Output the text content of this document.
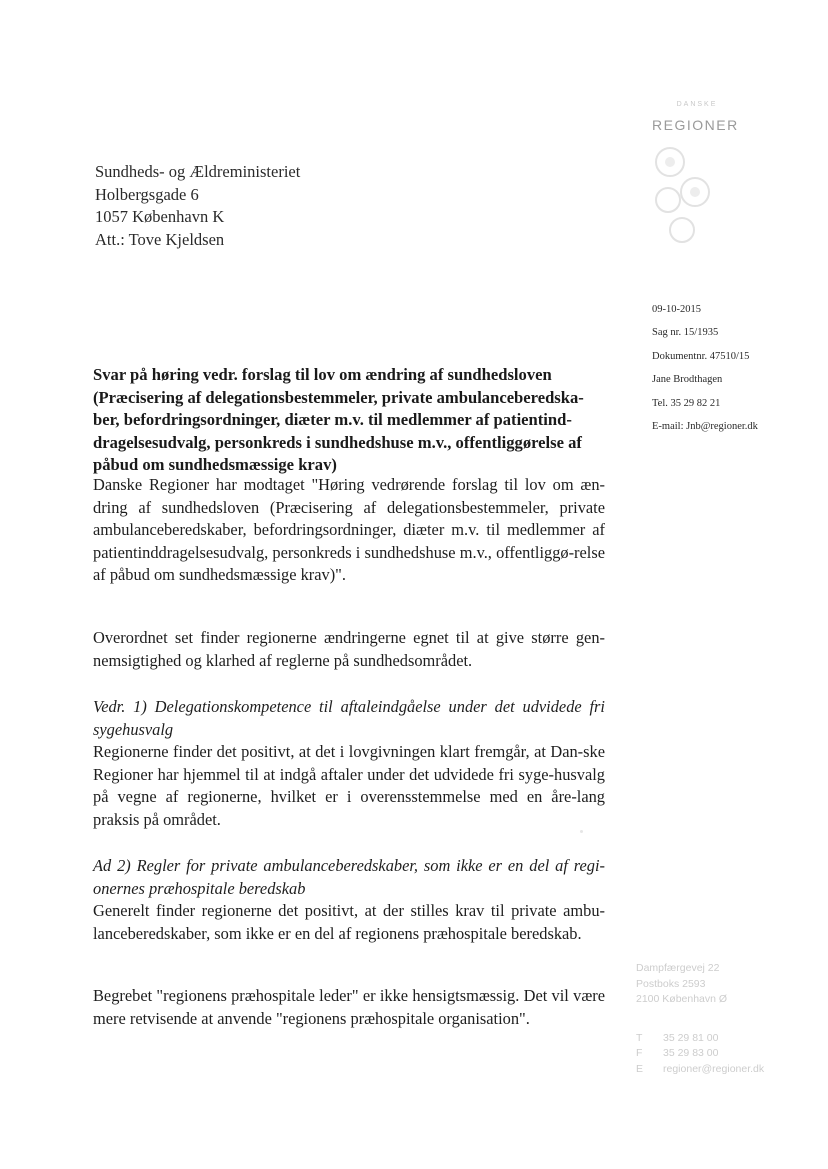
DANSKE
REGIONER
Sundheds- og Ældreministeriet
Holbergsgade 6
1057 København K
Att.: Tove Kjeldsen
09-10-2015
Sag nr. 15/1935
Dokumentnr. 47510/15
Jane Brodthagen
Tel. 35 29 82 21
E-mail: Jnb@regioner.dk
Svar på høring vedr. forslag til lov om ændring af sundhedsloven (Præcisering af delegationsbestemmeler, private ambulanceberedska-ber, befordringsordninger, diæter m.v. til medlemmer af patientind-dragelsesudvalg, personkreds i sundhedshuse m.v., offentliggørelse af påbud om sundhedsmæssige krav)

Danske Regioner har modtaget "Høring vedrørende forslag til lov om æn-dring af sundhedsloven (Præcisering af delegationsbestemmeler, private ambulanceberedskaber, befordringsordninger, diæter m.v. til medlemmer af patientinddragelsesudvalg, personkreds i sundhedshuse m.v., offentliggø-relse af påbud om sundhedsmæssige krav)".

Overordnet set finder regionerne ændringerne egnet til at give større gen-nemsigtighed og klarhed af reglerne på sundhedsområdet.

Vedr. 1) Delegationskompetence til aftaleindgåelse under det udvidede fri sygehusvalg

Regionerne finder det positivt, at det i lovgivningen klart fremgår, at Dan-ske Regioner har hjemmel til at indgå aftaler under det udvidede fri syge-husvalg på vegne af regionerne, hvilket er i overensstemmelse med en åre-lang praksis på området.

Ad 2) Regler for private ambulanceberedskaber, som ikke er en del af regi-onernes præhospitale beredskab

Generelt finder regionerne det positivt, at der stilles krav til private ambu-lanceberedskaber, som ikke er en del af regionens præhospitale beredskab.

Begrebet "regionens præhospitale leder" er ikke hensigtsmæssig. Det vil være mere retvisende at anvende "regionens præhospitale organisation".

Dampfærgevej 22
Postboks 2593
2100 København Ø
T 35 29 81 00
F 35 29 83 00
E regioner@regioner.dk
